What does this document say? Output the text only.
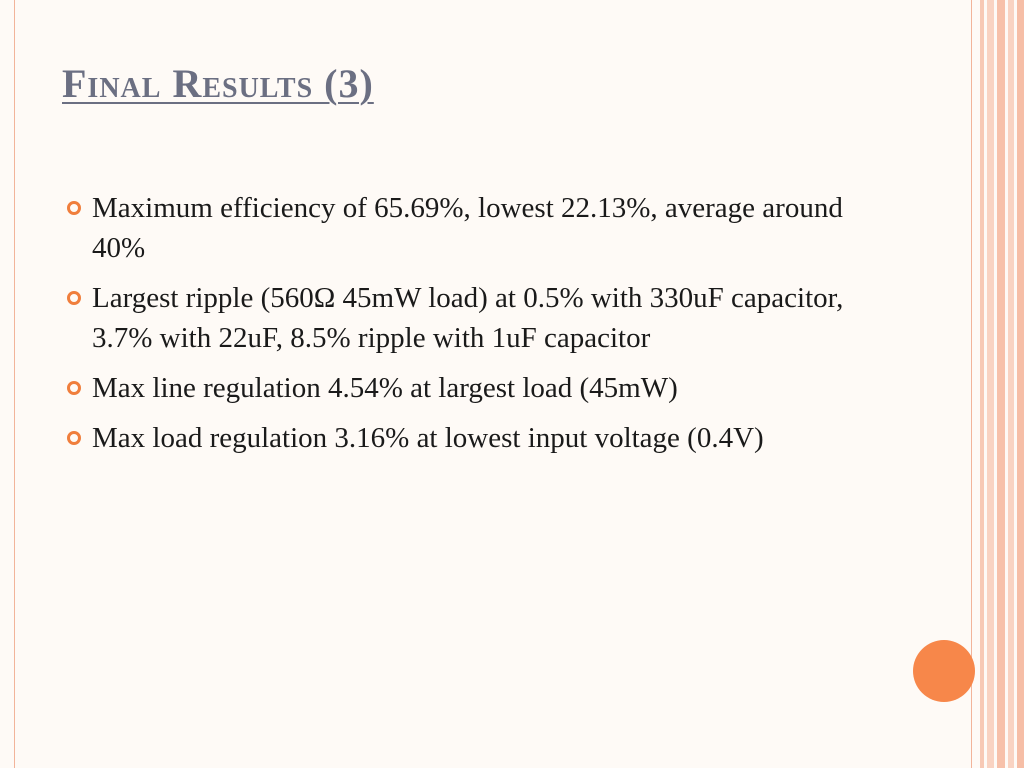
Final Results (3)
Maximum efficiency of 65.69%, lowest 22.13%, average around 40%
Largest ripple (560Ω 45mW load) at 0.5% with 330uF capacitor, 3.7% with 22uF, 8.5% ripple with 1uF capacitor
Max line regulation 4.54% at largest load (45mW)
Max load regulation 3.16% at lowest input voltage (0.4V)
